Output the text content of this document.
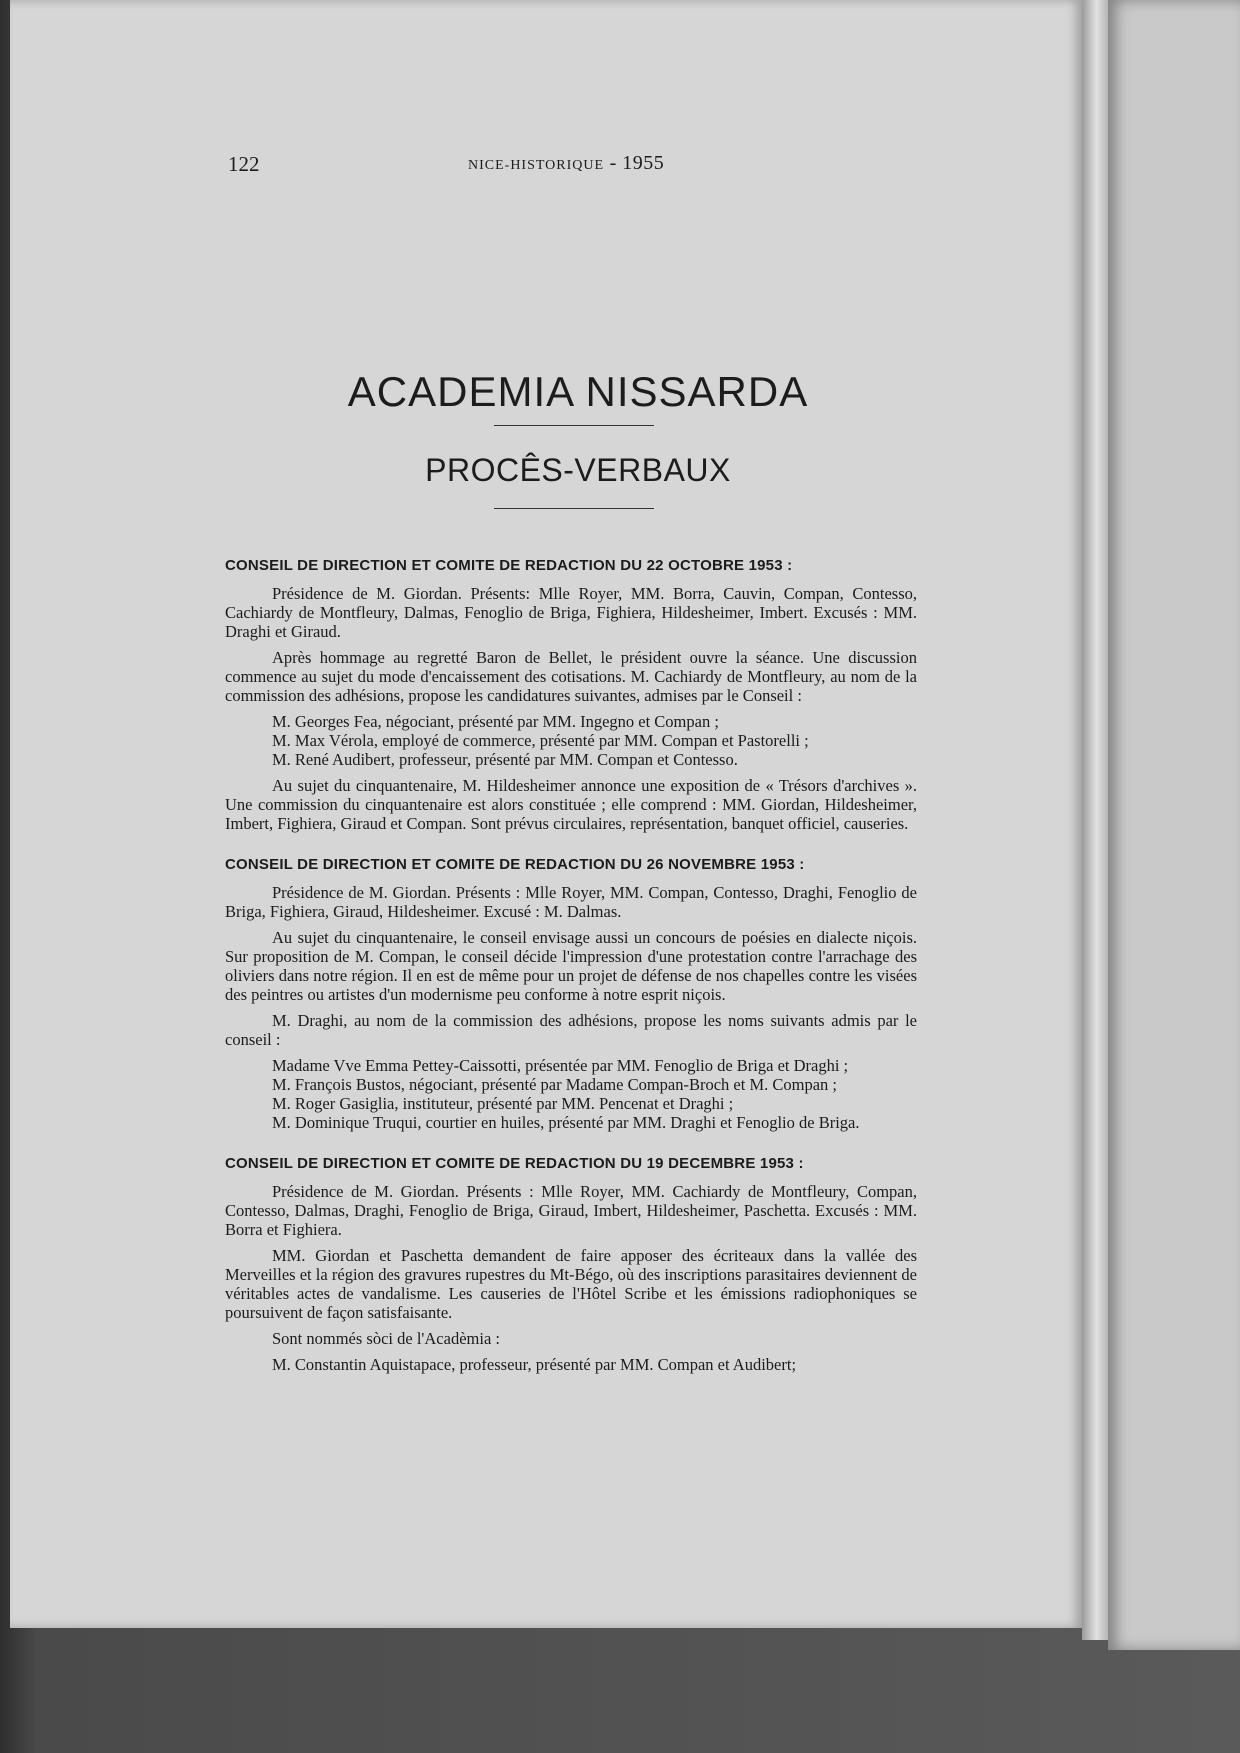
122	NICE-HISTORIQUE - 1955
ACADEMIA NISSARDA
PROCÊS-VERBAUX
CONSEIL DE DIRECTION ET COMITE DE REDACTION DU 22 OCTOBRE 1953 :

Présidence de M. Giordan. Présents: Mlle Royer, MM. Borra, Cauvin, Compan, Contesso, Cachiardy de Montfleury, Dalmas, Fenoglio de Briga, Fighiera, Hildesheimer, Imbert. Excusés : MM. Draghi et Giraud.

Après hommage au regretté Baron de Bellet, le président ouvre la séance. Une discussion commence au sujet du mode d'encaissement des cotisations. M. Cachiardy de Montfleury, au nom de la commission des adhésions, propose les candidatures suivantes, admises par le Conseil :

M. Georges Fea, négociant, présenté par MM. Ingegno et Compan ;

M. Max Vérola, employé de commerce, présenté par MM. Compan et Pastorelli ;

M. René Audibert, professeur, présenté par MM. Compan et Contesso.

Au sujet du cinquantenaire, M. Hildesheimer annonce une exposition de « Trésors d'archives ». Une commission du cinquantenaire est alors constituée ; elle comprend : MM. Giordan, Hildesheimer, Imbert, Fighiera, Giraud et Compan. Sont prévus circulaires, représentation, banquet officiel, causeries.

CONSEIL DE DIRECTION ET COMITE DE REDACTION DU 26 NOVEMBRE 1953 :

Présidence de M. Giordan. Présents : Mlle Royer, MM. Compan, Contesso, Draghi, Fenoglio de Briga, Fighiera, Giraud, Hildesheimer. Excusé : M. Dalmas.

Au sujet du cinquantenaire, le conseil envisage aussi un concours de poésies en dialecte niçois. Sur proposition de M. Compan, le conseil décide l'impression d'une protestation contre l'arrachage des oliviers dans notre région. Il en est de même pour un projet de défense de nos chapelles contre les visées des peintres ou artistes d'un modernisme peu conforme à notre esprit niçois.

M. Draghi, au nom de la commission des adhésions, propose les noms suivants admis par le conseil :

Madame Vve Emma Pettey-Caissotti, présentée par MM. Fenoglio de Briga et Draghi ;

M. François Bustos, négociant, présenté par Madame Compan-Broch et M. Compan ;

M. Roger Gasiglia, instituteur, présenté par MM. Pencenat et Draghi ;

M. Dominique Truqui, courtier en huiles, présenté par MM. Draghi et Fenoglio de Briga.

CONSEIL DE DIRECTION ET COMITE DE REDACTION DU 19 DECEMBRE 1953 :

Présidence de M. Giordan. Présents : Mlle Royer, MM. Cachiardy de Montfleury, Compan, Contesso, Dalmas, Draghi, Fenoglio de Briga, Giraud, Imbert, Hildesheimer, Paschetta. Excusés : MM. Borra et Fighiera.

MM. Giordan et Paschetta demandent de faire apposer des écriteaux dans la vallée des Merveilles et la région des gravures rupestres du Mt-Bégo, où des inscriptions parasitaires deviennent de véritables actes de vandalisme. Les causeries de l'Hôtel Scribe et les émissions radiophoniques se poursuivent de façon satisfaisante.

Sont nommés sòci de l'Acadèmia :

M. Constantin Aquistapace, professeur, présenté par MM. Compan et Audibert;
